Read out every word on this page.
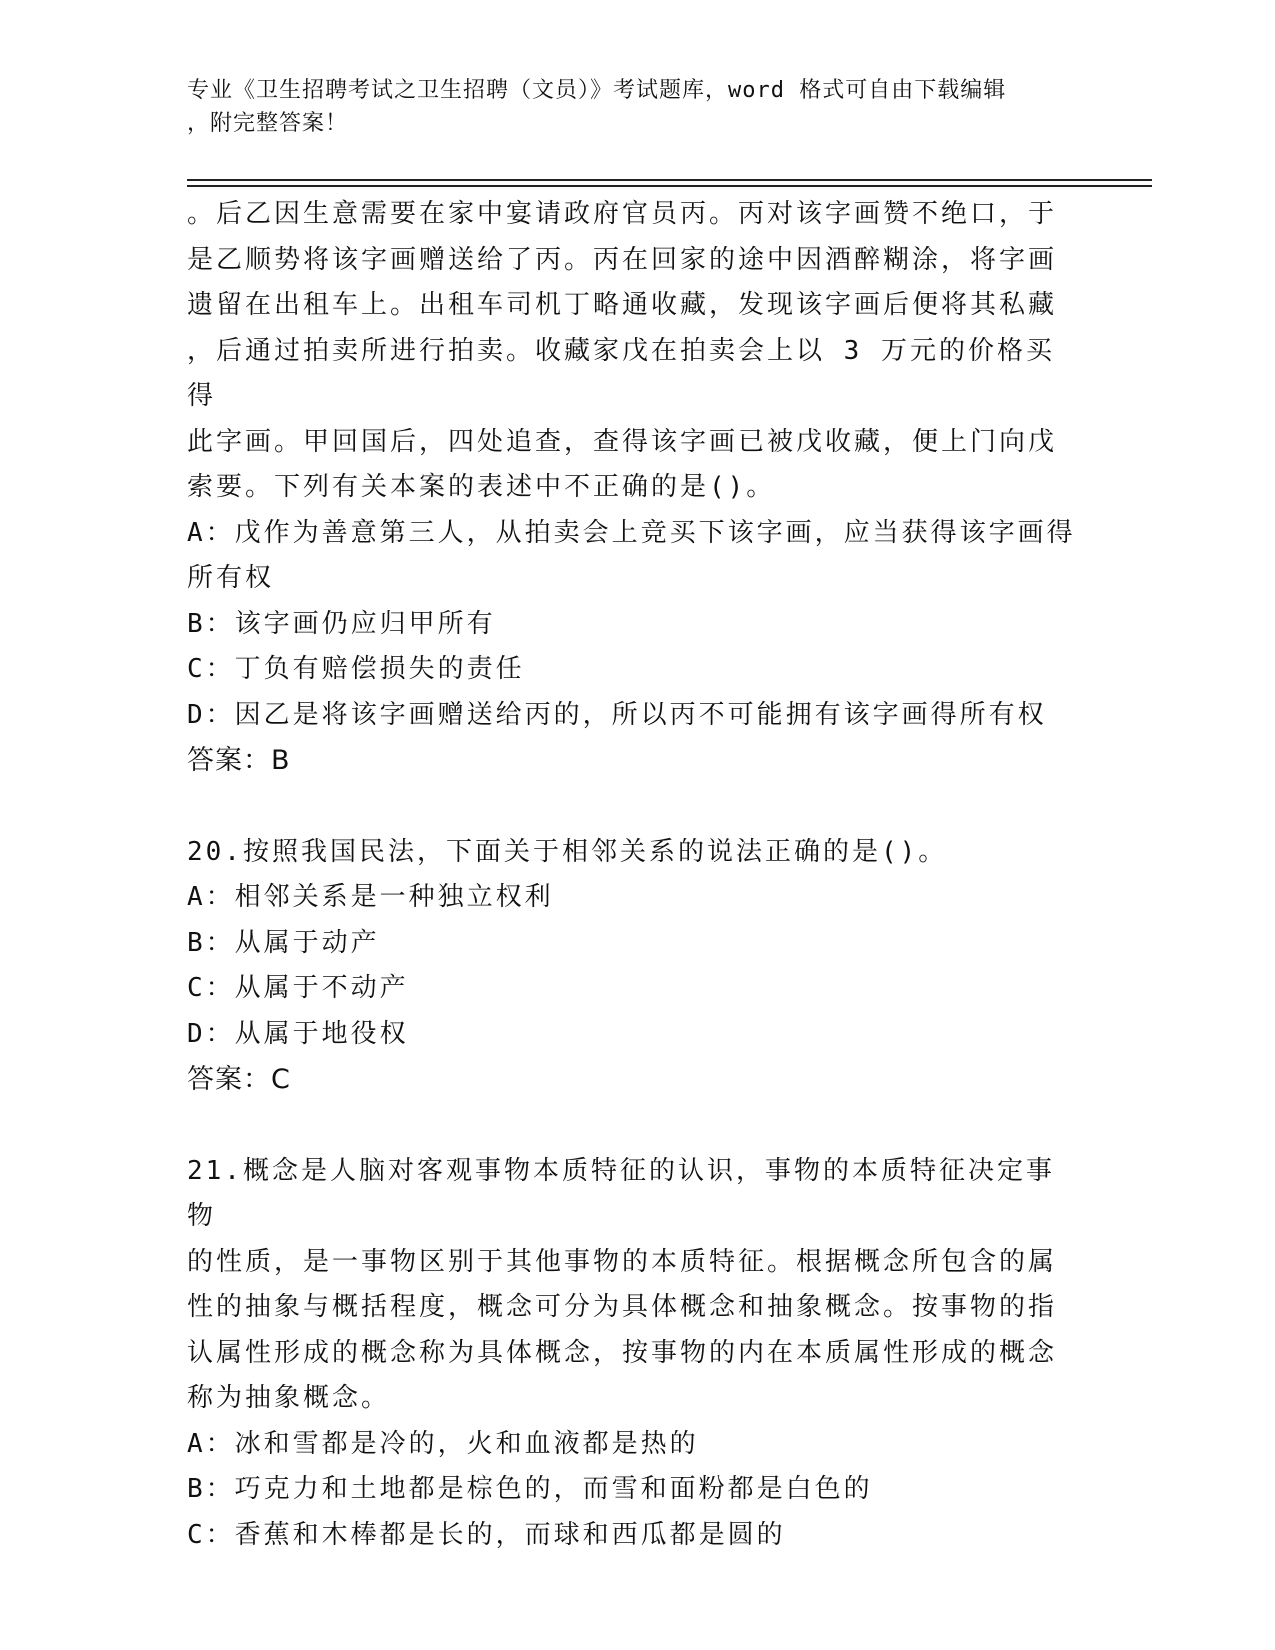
专业《卫生招聘考试之卫生招聘（文员）》考试题库，word 格式可自由下载编辑
，附完整答案！

。后乙因生意需要在家中宴请政府官员丙。丙对该字画赞不绝口，于

是乙顺势将该字画赠送给了丙。丙在回家的途中因酒醉糊涂，将字画

遗留在出租车上。出租车司机丁略通收藏，发现该字画后便将其私藏

，后通过拍卖所进行拍卖。收藏家戊在拍卖会上以 3 万元的价格买得

此字画。甲回国后，四处追查，查得该字画已被戊收藏，便上门向戊

索要。下列有关本案的表述中不正确的是()。

A：戊作为善意第三人，从拍卖会上竞买下该字画，应当获得该字画得

所有权

B：该字画仍应归甲所有

C：丁负有赔偿损失的责任

D：因乙是将该字画赠送给丙的，所以丙不可能拥有该字画得所有权

答案：B

20.按照我国民法，下面关于相邻关系的说法正确的是()。

A：相邻关系是一种独立权利

B：从属于动产

C：从属于不动产

D：从属于地役权

答案：C

21.概念是人脑对客观事物本质特征的认识，事物的本质特征决定事物

的性质，是一事物区别于其他事物的本质特征。根据概念所包含的属

性的抽象与概括程度，概念可分为具体概念和抽象概念。按事物的指

认属性形成的概念称为具体概念，按事物的内在本质属性形成的概念

称为抽象概念。

A：冰和雪都是冷的，火和血液都是热的

B：巧克力和土地都是棕色的，而雪和面粉都是白色的

C：香蕉和木棒都是长的，而球和西瓜都是圆的
